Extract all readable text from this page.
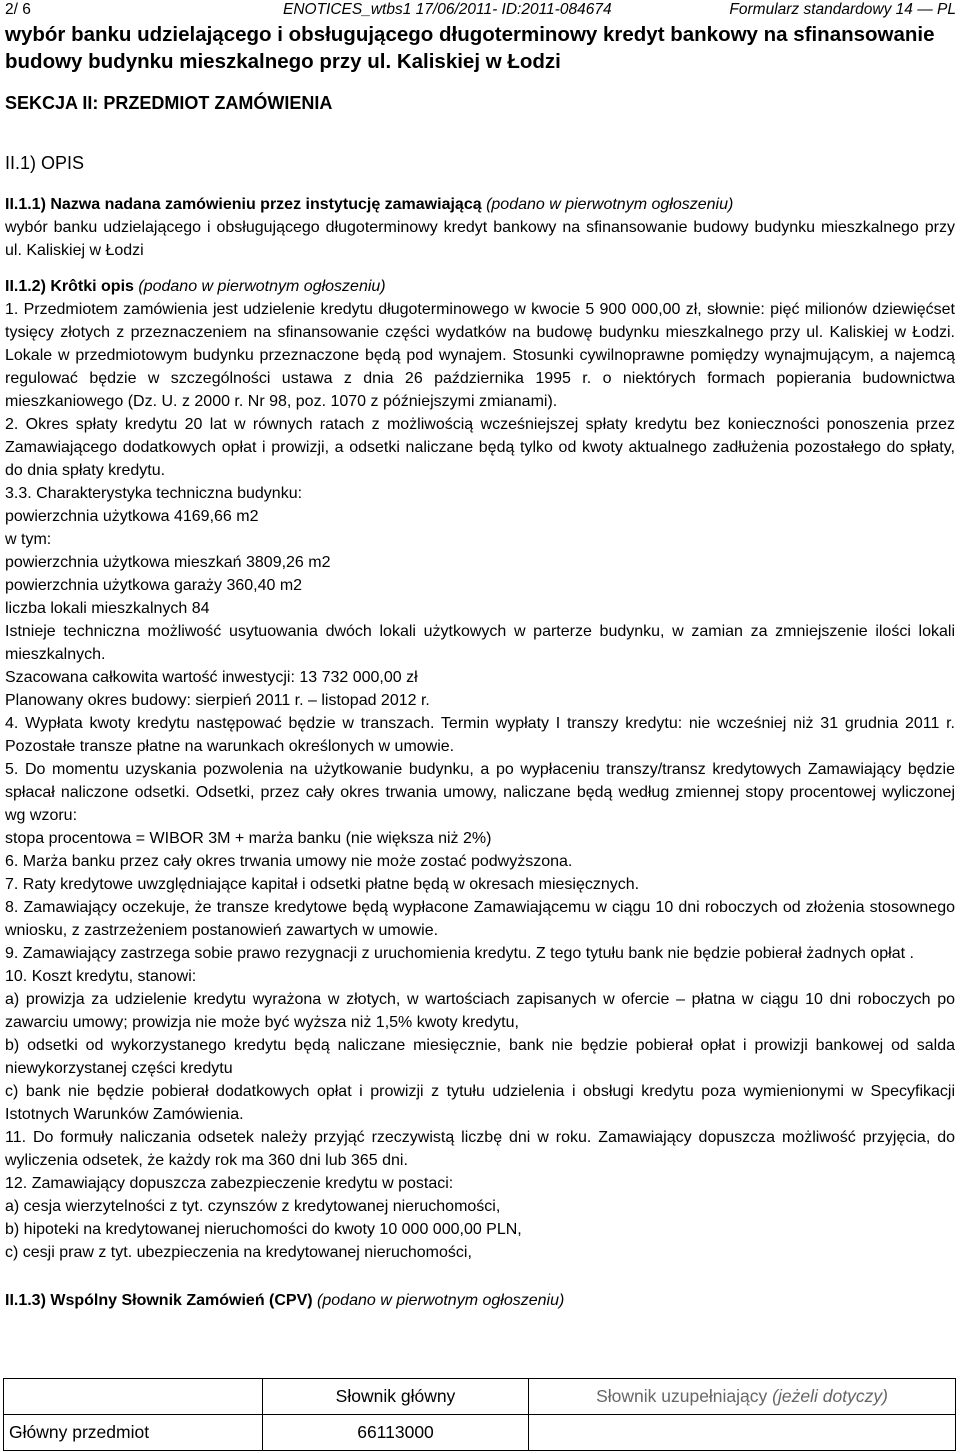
2/ 6	ENOTICES_wtbs1 17/06/2011- ID:2011-084674	Formularz standardowy 14 — PL
wybór banku udzielającego i obsługującego długoterminowy kredyt bankowy na sfinansowanie budowy budynku mieszkalnego przy ul. Kaliskiej w Łodzi
SEKCJA II: PRZEDMIOT ZAMÓWIENIA
II.1) OPIS

II.1.1) Nazwa nadana zamówieniu przez instytucję zamawiającą (podano w pierwotnym ogłoszeniu)

wybór banku udzielającego i obsługującego długoterminowy kredyt bankowy na sfinansowanie budowy budynku mieszkalnego przy ul. Kaliskiej w Łodzi

II.1.2) Krôtki opis (podano w pierwotnym ogłoszeniu)

1. Przedmiotem zamówienia jest udzielenie kredytu długoterminowego w kwocie 5 900 000,00 zł, słownie: pięć milionów dziewięćset tysięcy złotych z przeznaczeniem na sfinansowanie części wydatków na budowę budynku mieszkalnego przy ul. Kaliskiej w Łodzi. Lokale w przedmiotowym budynku przeznaczone będą pod wynajem. Stosunki cywilnoprawne pomiędzy wynajmującym, a najemcą regulować będzie w szczególności ustawa z dnia 26 października 1995 r. o niektórych formach popierania budownictwa mieszkaniowego (Dz. U. z 2000 r. Nr 98, poz. 1070 z późniejszymi zmianami).

2. Okres spłaty kredytu 20 lat w równych ratach z możliwością wcześniejszej spłaty kredytu bez konieczności ponoszenia przez Zamawiającego dodatkowych opłat i prowizji, a odsetki naliczane będą tylko od kwoty aktualnego zadłużenia pozostałego do spłaty, do dnia spłaty kredytu.

3.3. Charakterystyka techniczna budynku:

powierzchnia użytkowa 4169,66 m2

w tym:

powierzchnia użytkowa mieszkań 3809,26 m2

powierzchnia użytkowa garaży 360,40 m2

liczba lokali mieszkalnych 84

Istnieje techniczna możliwość usytuowania dwóch lokali użytkowych w parterze budynku, w zamian za zmniejszenie ilości lokali mieszkalnych.

Szacowana całkowita wartość inwestycji: 13 732 000,00 zł

Planowany okres budowy: sierpień 2011 r. – listopad 2012 r.

4. Wypłata kwoty kredytu następować będzie w transzach. Termin wypłaty I transzy kredytu: nie wcześniej niż 31 grudnia 2011 r. Pozostałe transze płatne na warunkach określonych w umowie.

5. Do momentu uzyskania pozwolenia na użytkowanie budynku, a po wypłaceniu transzy/transz kredytowych Zamawiający będzie spłacał naliczone odsetki. Odsetki, przez cały okres trwania umowy, naliczane będą według zmiennej stopy procentowej wyliczonej wg wzoru:

stopa procentowa = WIBOR 3M + marża banku (nie większa niż 2%)

6. Marża banku przez cały okres trwania umowy nie może zostać podwyższona.

7. Raty kredytowe uwzględniające kapitał i odsetki płatne będą w okresach miesięcznych.

8. Zamawiający oczekuje, że transze kredytowe będą wypłacone Zamawiającemu w ciągu 10 dni roboczych od złożenia stosownego wniosku, z zastrzeżeniem postanowień zawartych w umowie.

9. Zamawiający zastrzega sobie prawo rezygnacji z uruchomienia kredytu. Z tego tytułu bank nie będzie pobierał żadnych opłat .

10. Koszt kredytu, stanowi:

a) prowizja za udzielenie kredytu wyrażona w złotych, w wartościach zapisanych w ofercie – płatna w ciągu 10 dni roboczych po zawarciu umowy; prowizja nie może być wyższa niż 1,5% kwoty kredytu,

b) odsetki od wykorzystanego kredytu będą naliczane miesięcznie, bank nie będzie pobierał opłat i prowizji bankowej od salda niewykorzystanej części kredytu

c) bank nie będzie pobierał dodatkowych opłat i prowizji z tytułu udzielenia i obsługi kredytu poza wymienionymi w Specyfikacji Istotnych Warunków Zamówienia.

11. Do formuły naliczania odsetek należy przyjąć rzeczywistą liczbę dni w roku. Zamawiający dopuszcza możliwość przyjęcia, do wyliczenia odsetek, że każdy rok ma 360 dni lub 365 dni.

12. Zamawiający dopuszcza zabezpieczenie kredytu w postaci:

a) cesja wierzytelności z tyt. czynszów z kredytowanej nieruchomości,

b) hipoteki na kredytowanej nieruchomości do kwoty 10 000 000,00 PLN,

c) cesji praw z tyt. ubezpieczenia na kredytowanej nieruchomości,

II.1.3) Wspólny Słownik Zamówień (CPV) (podano w pierwotnym ogłoszeniu)

	Słownik główny	Słownik uzupełniający (jeżeli dotyczy)
Główny przedmiot	66113000	
